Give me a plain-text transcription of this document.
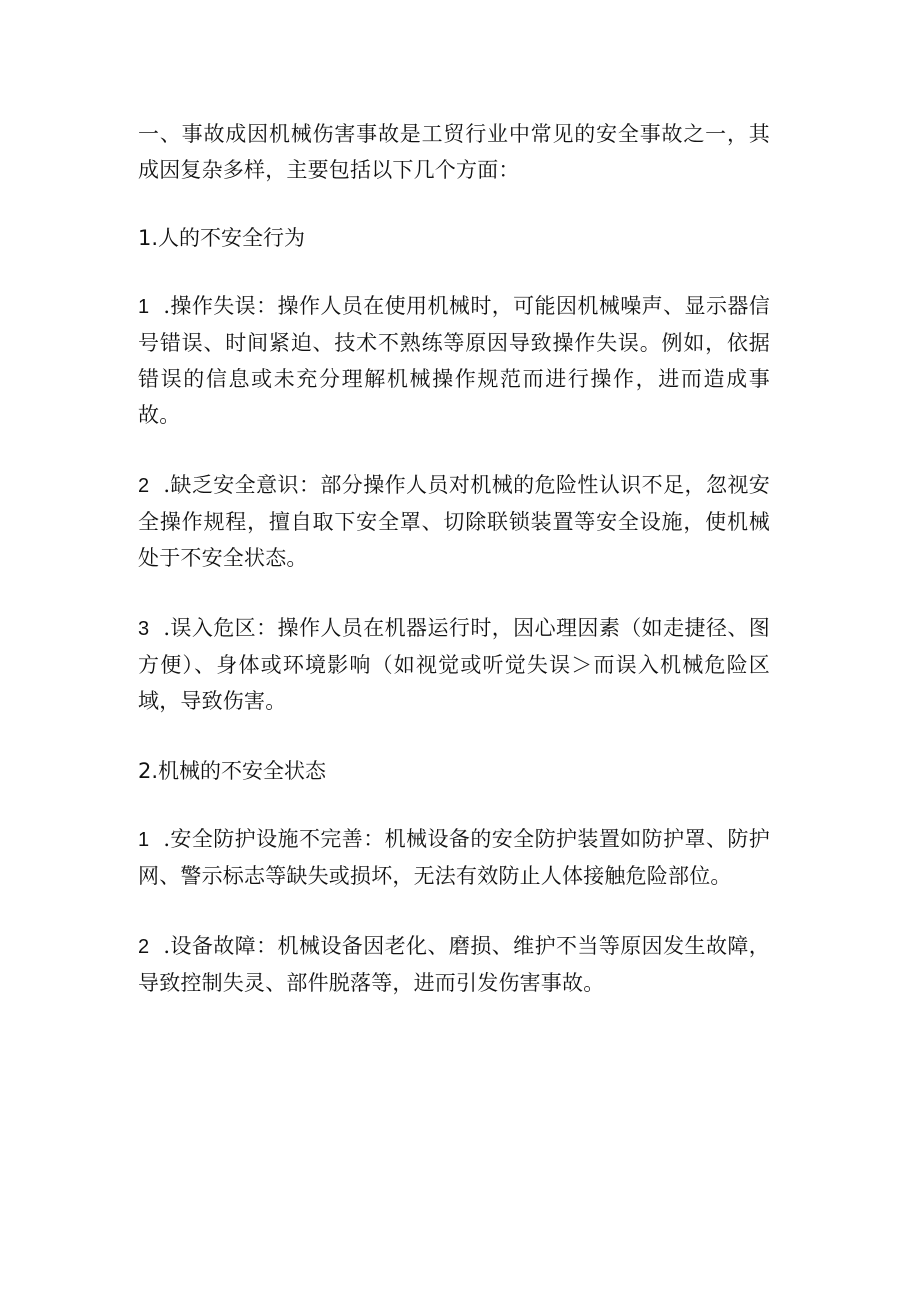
一、事故成因机械伤害事故是工贸行业中常见的安全事故之一，其成因复杂多样，主要包括以下几个方面：

1.人的不安全行为

1 .操作失误：操作人员在使用机械时，可能因机械噪声、显示器信号错误、时间紧迫、技术不熟练等原因导致操作失误。例如，依据错误的信息或未充分理解机械操作规范而进行操作，进而造成事故。

2 .缺乏安全意识：部分操作人员对机械的危险性认识不足，忽视安全操作规程，擅自取下安全罩、切除联锁装置等安全设施，使机械处于不安全状态。

3 .误入危区：操作人员在机器运行时，因心理因素（如走捷径、图方便）、身体或环境影响（如视觉或听觉失误＞而误入机械危险区域，导致伤害。

2.机械的不安全状态

1 .安全防护设施不完善：机械设备的安全防护装置如防护罩、防护网、警示标志等缺失或损坏，无法有效防止人体接触危险部位。

2 .设备故障：机械设备因老化、磨损、维护不当等原因发生故障，导致控制失灵、部件脱落等，进而引发伤害事故。
